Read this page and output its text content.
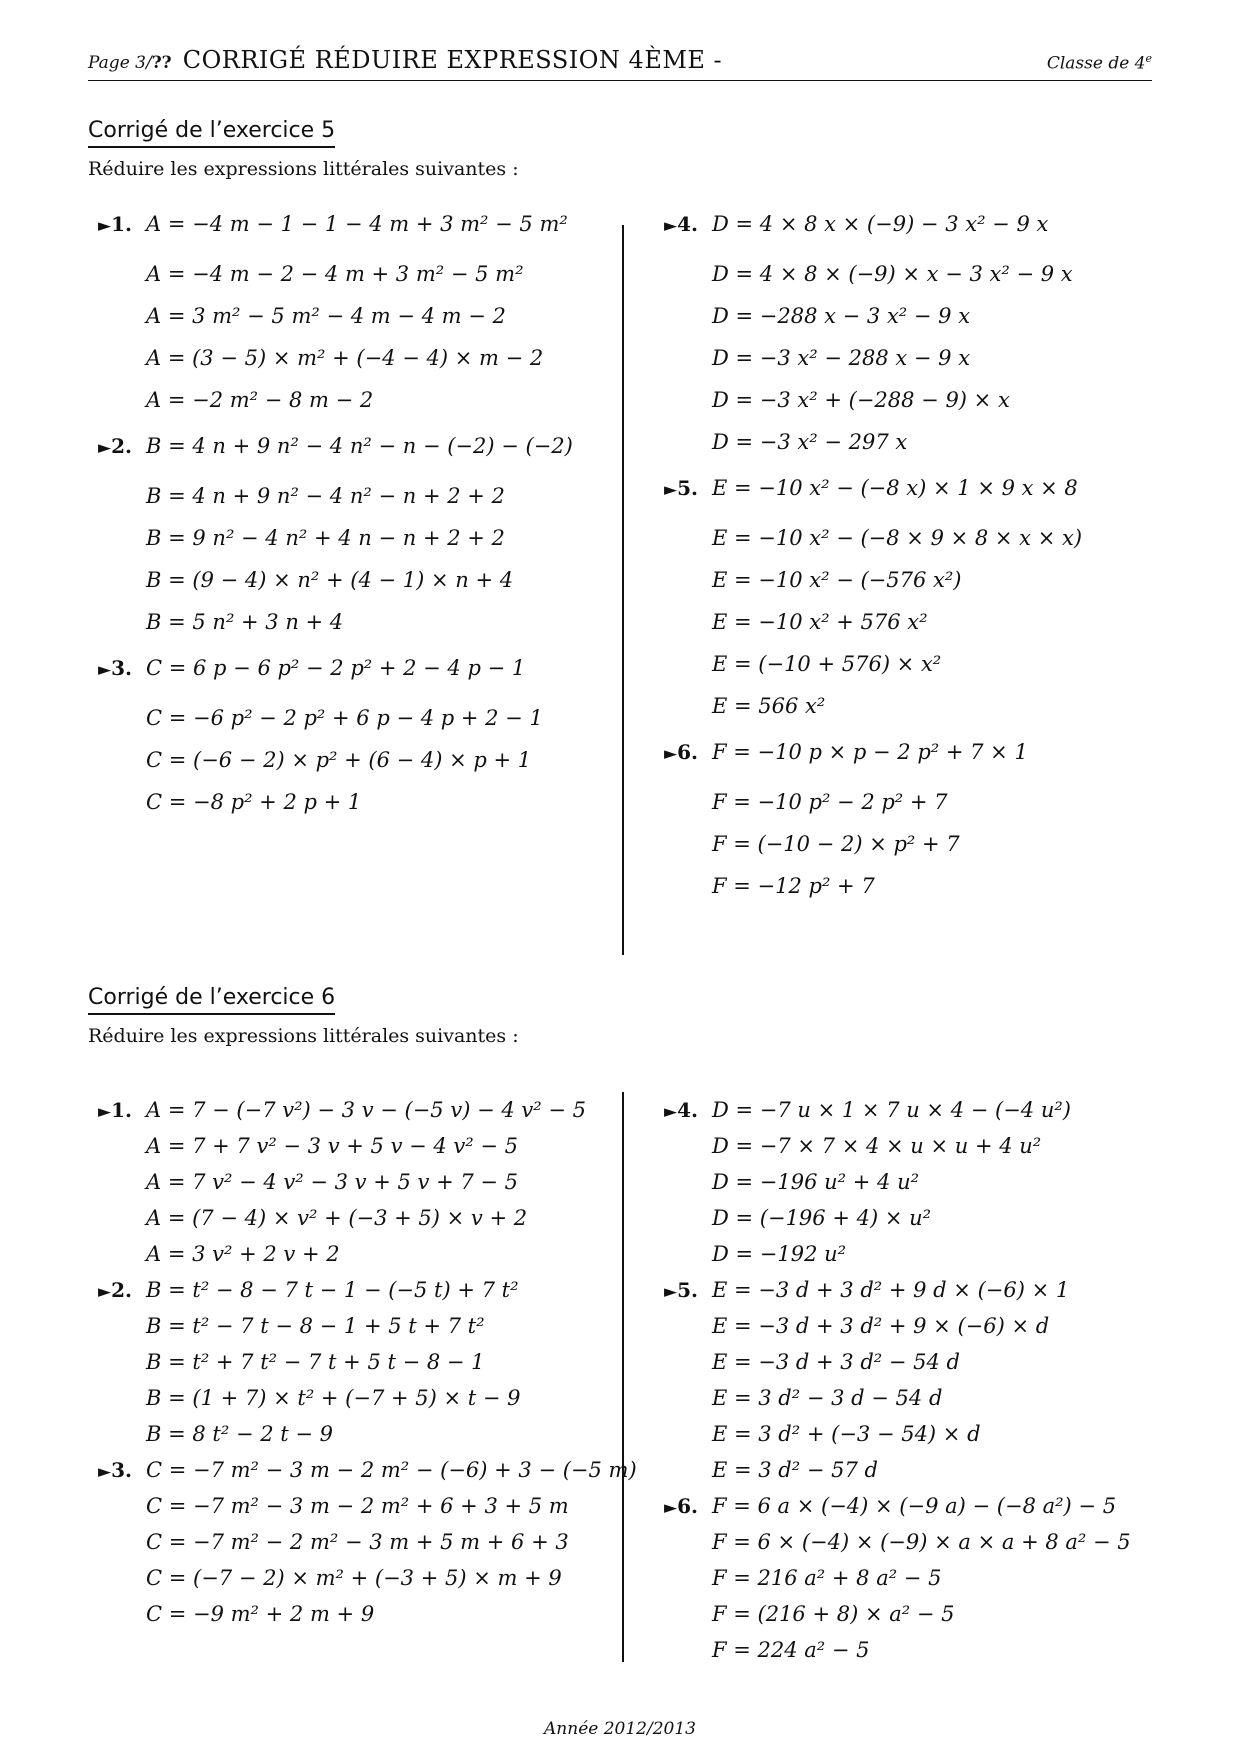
Page 3/?? CORRIGÉ RÉDUIRE EXPRESSION 4ÈME -	Classe de 4e
Corrigé de l’exercice 5
Réduire les expressions littérales suivantes :
►1. A = −4 m − 1 − 1 − 4 m + 3 m² − 5 m²
A = −4 m − 2 − 4 m + 3 m² − 5 m²
A = 3 m² − 5 m² − 4 m − 4 m − 2
A = (3 − 5) × m² + (−4 − 4) × m − 2
A = −2 m² − 8 m − 2
►2. B = 4 n + 9 n² − 4 n² − n − (−2) − (−2)
B = 4 n + 9 n² − 4 n² − n + 2 + 2
B = 9 n² − 4 n² + 4 n − n + 2 + 2
B = (9 − 4) × n² + (4 − 1) × n + 4
B = 5 n² + 3 n + 4
►3. C = 6 p − 6 p² − 2 p² + 2 − 4 p − 1
C = −6 p² − 2 p² + 6 p − 4 p + 2 − 1
C = (−6 − 2) × p² + (6 − 4) × p + 1
C = −8 p² + 2 p + 1
►4. D = 4 × 8 x × (−9) − 3 x² − 9 x
D = 4 × 8 × (−9) × x − 3 x² − 9 x
D = −288 x − 3 x² − 9 x
D = −3 x² − 288 x − 9 x
D = −3 x² + (−288 − 9) × x
D = −3 x² − 297 x
►5. E = −10 x² − (−8 x) × 1 × 9 x × 8
E = −10 x² − (−8 × 9 × 8 × x × x)
E = −10 x² − (−576 x²)
E = −10 x² + 576 x²
E = (−10 + 576) × x²
E = 566 x²
►6. F = −10 p × p − 2 p² + 7 × 1
F = −10 p² − 2 p² + 7
F = (−10 − 2) × p² + 7
F = −12 p² + 7
Corrigé de l’exercice 6
Réduire les expressions littérales suivantes :
►1. A = 7 − (−7 v²) − 3 v − (−5 v) − 4 v² − 5
A = 7 + 7 v² − 3 v + 5 v − 4 v² − 5
A = 7 v² − 4 v² − 3 v + 5 v + 7 − 5
A = (7 − 4) × v² + (−3 + 5) × v + 2
A = 3 v² + 2 v + 2
►2. B = t² − 8 − 7 t − 1 − (−5 t) + 7 t²
B = t² − 7 t − 8 − 1 + 5 t + 7 t²
B = t² + 7 t² − 7 t + 5 t − 8 − 1
B = (1 + 7) × t² + (−7 + 5) × t − 9
B = 8 t² − 2 t − 9
►3. C = −7 m² − 3 m − 2 m² − (−6) + 3 − (−5 m)
C = −7 m² − 3 m − 2 m² + 6 + 3 + 5 m
C = −7 m² − 2 m² − 3 m + 5 m + 6 + 3
C = (−7 − 2) × m² + (−3 + 5) × m + 9
C = −9 m² + 2 m + 9
►4. D = −7 u × 1 × 7 u × 4 − (−4 u²)
D = −7 × 7 × 4 × u × u + 4 u²
D = −196 u² + 4 u²
D = (−196 + 4) × u²
D = −192 u²
►5. E = −3 d + 3 d² + 9 d × (−6) × 1
E = −3 d + 3 d² + 9 × (−6) × d
E = −3 d + 3 d² − 54 d
E = 3 d² − 3 d − 54 d
E = 3 d² + (−3 − 54) × d
E = 3 d² − 57 d
►6. F = 6 a × (−4) × (−9 a) − (−8 a²) − 5
F = 6 × (−4) × (−9) × a × a + 8 a² − 5
F = 216 a² + 8 a² − 5
F = (216 + 8) × a² − 5
F = 224 a² − 5
Année 2012/2013
